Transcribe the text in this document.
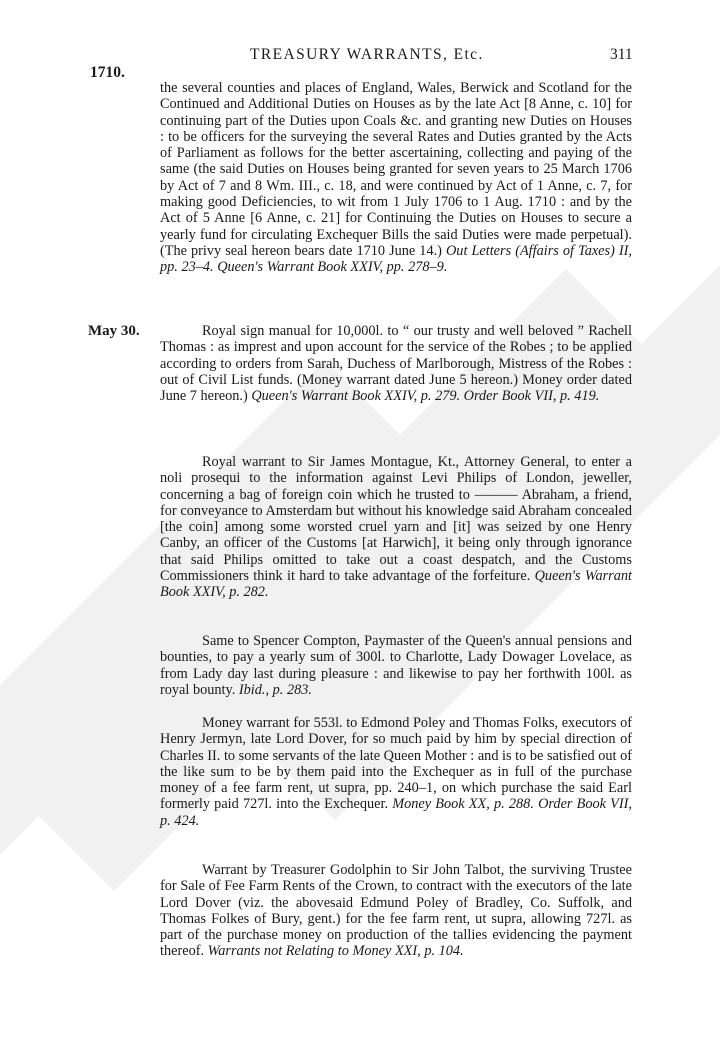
TREASURY WARRANTS, Etc.	311
1710.
the several counties and places of England, Wales, Berwick and Scotland for the Continued and Additional Duties on Houses as by the late Act [8 Anne, c. 10] for continuing part of the Duties upon Coals &c. and granting new Duties on Houses : to be officers for the surveying the several Rates and Duties granted by the Acts of Parliament as follows for the better ascertaining, collecting and paying of the same (the said Duties on Houses being granted for seven years to 25 March 1706 by Act of 7 and 8 Wm. III., c. 18, and were continued by Act of 1 Anne, c. 7, for making good Deficiencies, to wit from 1 July 1706 to 1 Aug. 1710 : and by the Act of 5 Anne [6 Anne, c. 21] for Continuing the Duties on Houses to secure a yearly fund for circulating Exchequer Bills the said Duties were made perpetual). (The privy seal hereon bears date 1710 June 14.) Out Letters (Affairs of Taxes) II, pp. 23–4. Queen's Warrant Book XXIV, pp. 278–9.
May 30.	Royal sign manual for 10,000l. to “ our trusty and well beloved ” Rachell Thomas : as imprest and upon account for the service of the Robes ; to be applied according to orders from Sarah, Duchess of Marlborough, Mistress of the Robes : out of Civil List funds. (Money warrant dated June 5 hereon.) Money order dated June 7 hereon.) Queen's Warrant Book XXIV, p. 279. Order Book VII, p. 419.
Royal warrant to Sir James Montague, Kt., Attorney General, to enter a noli prosequi to the information against Levi Philips of London, jeweller, concerning a bag of foreign coin which he trusted to ——— Abraham, a friend, for conveyance to Amsterdam but without his knowledge said Abraham concealed [the coin] among some worsted cruel yarn and [it] was seized by one Henry Canby, an officer of the Customs [at Harwich], it being only through ignorance that said Philips omitted to take out a coast despatch, and the Customs Commissioners think it hard to take advantage of the forfeiture. Queen's Warrant Book XXIV, p. 282.
Same to Spencer Compton, Paymaster of the Queen's annual pensions and bounties, to pay a yearly sum of 300l. to Charlotte, Lady Dowager Lovelace, as from Lady day last during pleasure : and likewise to pay her forthwith 100l. as royal bounty. Ibid., p. 283.
Money warrant for 553l. to Edmond Poley and Thomas Folks, executors of Henry Jermyn, late Lord Dover, for so much paid by him by special direction of Charles II. to some servants of the late Queen Mother : and is to be satisfied out of the like sum to be by them paid into the Exchequer as in full of the purchase money of a fee farm rent, ut supra, pp. 240–1, on which purchase the said Earl formerly paid 727l. into the Exchequer. Money Book XX, p. 288. Order Book VII, p. 424.
Warrant by Treasurer Godolphin to Sir John Talbot, the surviving Trustee for Sale of Fee Farm Rents of the Crown, to contract with the executors of the late Lord Dover (viz. the abovesaid Edmund Poley of Bradley, Co. Suffolk, and Thomas Folkes of Bury, gent.) for the fee farm rent, ut supra, allowing 727l. as part of the purchase money on production of the tallies evidencing the payment thereof. Warrants not Relating to Money XXI, p. 104.
